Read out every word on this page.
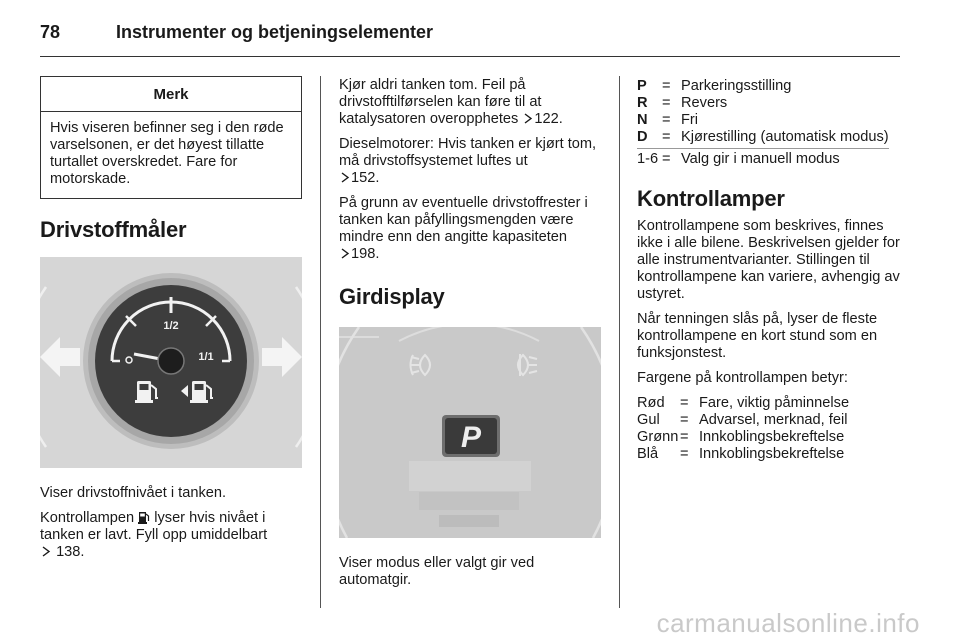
78	Instrumenter og betjeningselementer
Merk
Hvis viseren befinner seg i den røde varselsonen, er det høyest tillatte turtallet overskredet. Fare for motorskade.
Drivstoffmåler
1/2
1/1

Viser drivstoffnivået i tanken.

Kontrollampen lyser hvis nivået i tanken er lavt. Fyll opp umiddelbart
138.

Kjør aldri tanken tom. Feil på drivstofftilførselen kan føre til at katalysatoren overopphetes 122.

Dieselmotorer: Hvis tanken er kjørt tom, må drivstoffsystemet luftes ut
152.

På grunn av eventuelle drivstoffrester i tanken kan påfyllingsmengden være mindre enn den angitte kapasiteten
198.

Girdisplay
P

Viser modus eller valgt gir ved automatgir.

P	=	Parkeringsstilling
R	=	Revers
N	=	Fri
D	=	Kjørestilling (automatisk modus)
1-6	=	Valg gir i manuell modus
Kontrollamper

Kontrollampene som beskrives, finnes ikke i alle bilene. Beskrivelsen gjelder for alle instrumentvarianter. Stillingen til kontrollampene kan variere, avhengig av ustyret.

Når tenningen slås på, lyser de fleste kontrollampene en kort stund som en funksjonstest.

Fargene på kontrollampen betyr:

Rød	=	Fare, viktig påminnelse
Gul	=	Advarsel, merknad, feil
Grønn	=	Innkoblingsbekreftelse
Blå	=	Innkoblingsbekreftelse
carmanualsonline.info
